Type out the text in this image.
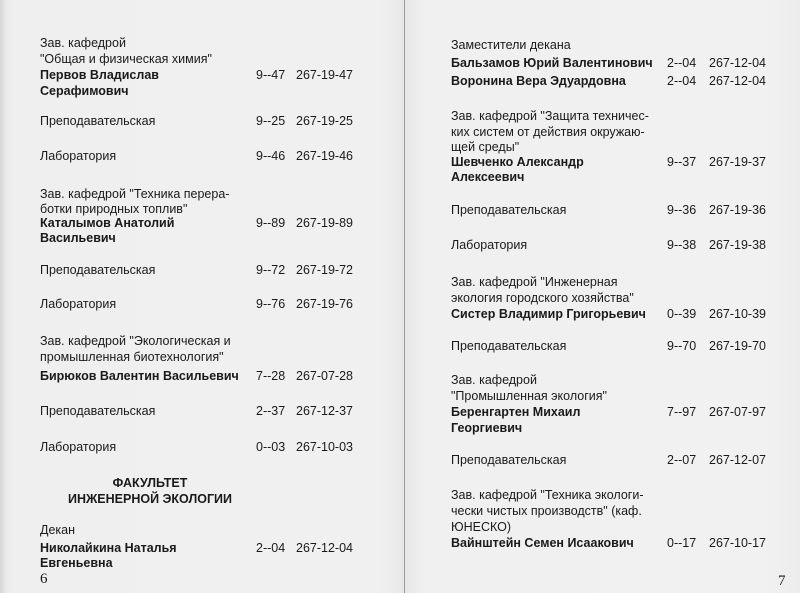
Зав. кафедрой
"Общая и физическая химия"
Первов Владислав
Серафимович
9--47 267-19-47
Преподавательская	9--25 267-19-25
Лаборатория	9--46 267-19-46
Зав. кафедрой "Техника перера-
ботки природных топлив"
Каталымов Анатолий
Васильевич
9--89 267-19-89
Преподавательская	9--72 267-19-72
Лаборатория	9--76 267-19-76
Зав. кафедрой "Экологическая и
промышленная биотехнология"
Бирюков Валентин Васильевич 7--28 267-07-28
Преподавательская	2--37 267-12-37
Лаборатория	0--03 267-10-03
ФАКУЛЬТЕТ
ИНЖЕНЕРНОЙ ЭКОЛОГИИ
Декан
Николайкина Наталья
Евгеньевна
2--04 267-12-04
6
Заместители декана
Бальзамов Юрий Валентинович 2--04 267-12-04
Воронина Вера Эдуардовна	2--04 267-12-04
Зав. кафедрой "Защита техничес-
ких систем от действия окружаю-
щей среды"
Шевченко Александр
Алексеевич
9--37 267-19-37
Преподавательская	9--36 267-19-36
Лаборатория	9--38 267-19-38
Зав. кафедрой "Инженерная
экология городского хозяйства"
Систер Владимир Григорьевич 0--39 267-10-39
Преподавательская	9--70 267-19-70
Зав. кафедрой
"Промышленная экология"
Беренгартен Михаил
Георгиевич
7--97 267-07-97
Преподавательская	2--07 267-12-07
Зав. кафедрой "Техника экологи-
чески чистых производств" (каф.
ЮНЕСКО)
Вайнштейн Семен Исаакович	0--17 267-10-17
7
